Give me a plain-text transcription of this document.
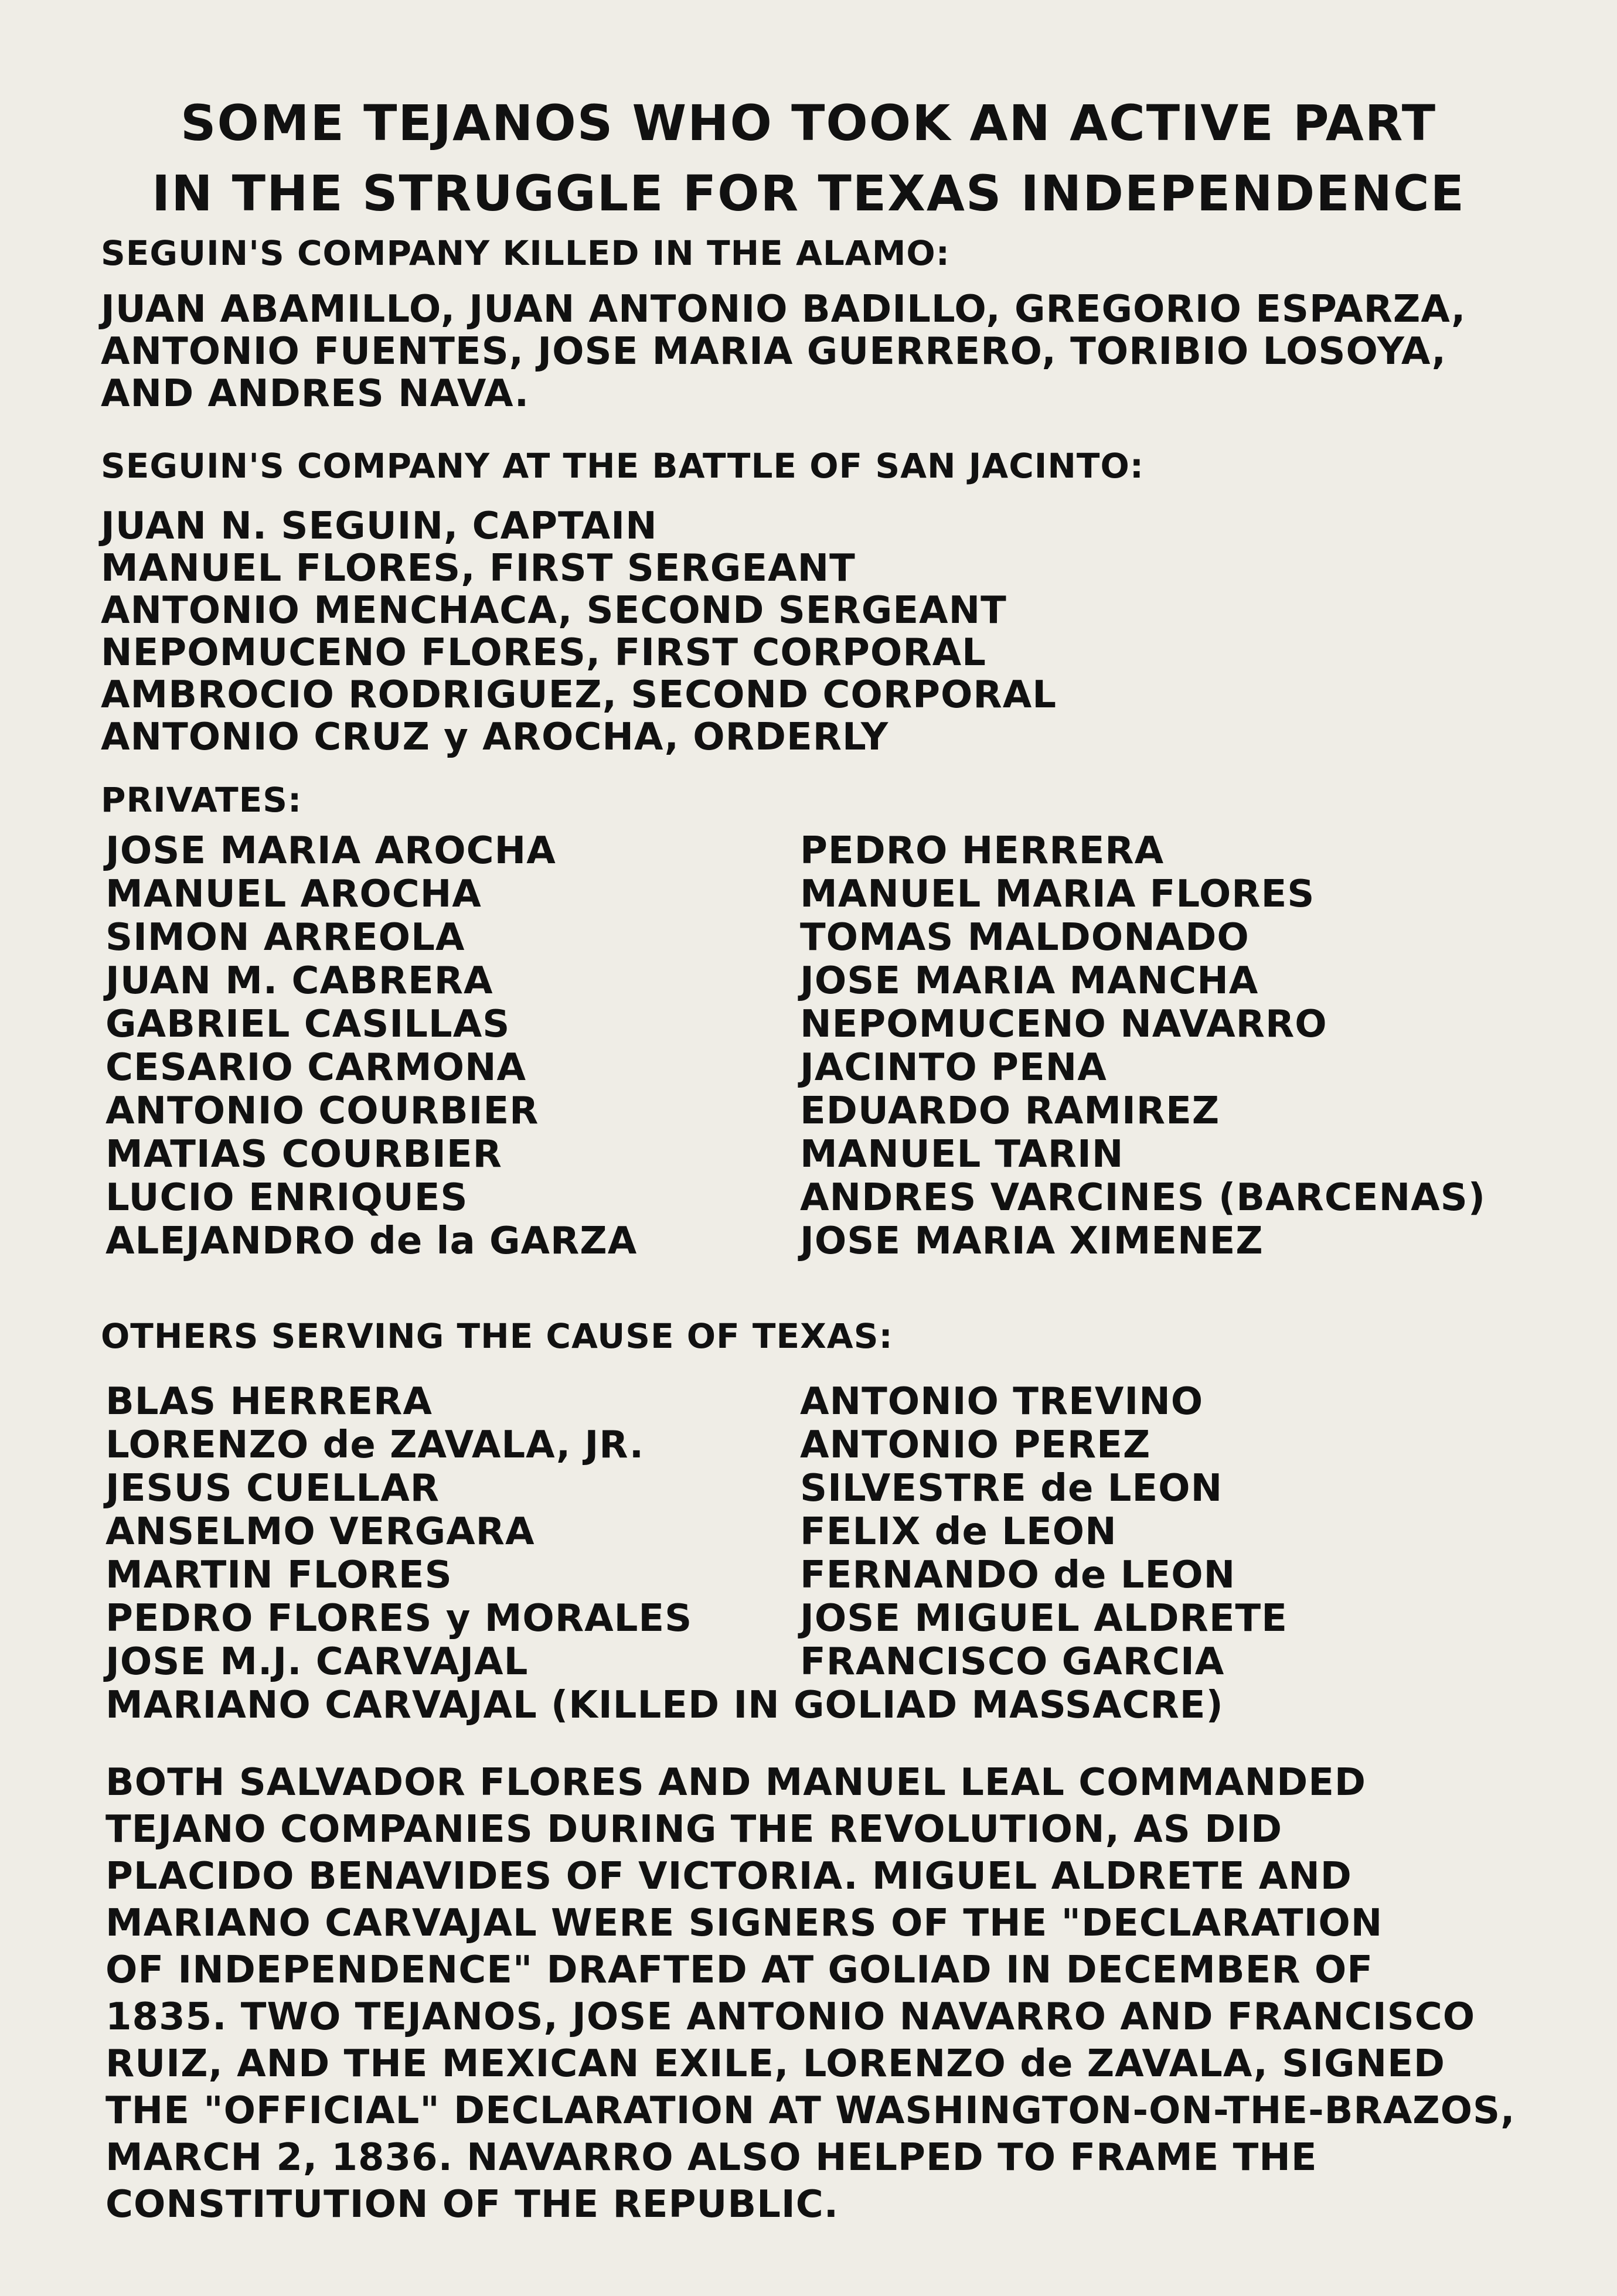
SOME TEJANOS WHO TOOK AN ACTIVE PART
IN THE STRUGGLE FOR TEXAS INDEPENDENCE
SEGUIN'S COMPANY KILLED IN THE ALAMO:
JUAN ABAMILLO, JUAN ANTONIO BADILLO, GREGORIO ESPARZA,
ANTONIO FUENTES, JOSE MARIA GUERRERO, TORIBIO LOSOYA,
AND ANDRES NAVA.
SEGUIN'S COMPANY AT THE BATTLE OF SAN JACINTO:
JUAN N. SEGUIN, CAPTAIN
MANUEL FLORES, FIRST SERGEANT
ANTONIO MENCHACA, SECOND SERGEANT
NEPOMUCENO FLORES, FIRST CORPORAL
AMBROCIO RODRIGUEZ, SECOND CORPORAL
ANTONIO CRUZ y AROCHA, ORDERLY
PRIVATES:
JOSE MARIA AROCHA
MANUEL AROCHA
SIMON ARREOLA
JUAN M. CABRERA
GABRIEL CASILLAS
CESARIO CARMONA
ANTONIO COURBIER
MATIAS COURBIER
LUCIO ENRIQUES
ALEJANDRO de la GARZA
PEDRO HERRERA
MANUEL MARIA FLORES
TOMAS MALDONADO
JOSE MARIA MANCHA
NEPOMUCENO NAVARRO
JACINTO PENA
EDUARDO RAMIREZ
MANUEL TARIN
ANDRES VARCINES (BARCENAS)
JOSE MARIA XIMENEZ
OTHERS SERVING THE CAUSE OF TEXAS:
BLAS HERRERA
LORENZO de ZAVALA, JR.
JESUS CUELLAR
ANSELMO VERGARA
MARTIN FLORES
PEDRO FLORES y MORALES
JOSE M.J. CARVAJAL
MARIANO CARVAJAL (KILLED IN GOLIAD MASSACRE)
ANTONIO TREVINO
ANTONIO PEREZ
SILVESTRE de LEON
FELIX de LEON
FERNANDO de LEON
JOSE MIGUEL ALDRETE
FRANCISCO GARCIA
BOTH SALVADOR FLORES AND MANUEL LEAL COMMANDED
TEJANO COMPANIES DURING THE REVOLUTION, AS DID
PLACIDO BENAVIDES OF VICTORIA. MIGUEL ALDRETE AND
MARIANO CARVAJAL WERE SIGNERS OF THE "DECLARATION
OF INDEPENDENCE" DRAFTED AT GOLIAD IN DECEMBER OF
1835. TWO TEJANOS, JOSE ANTONIO NAVARRO AND FRANCISCO
RUIZ, AND THE MEXICAN EXILE, LORENZO de ZAVALA, SIGNED
THE "OFFICIAL" DECLARATION AT WASHINGTON-ON-THE-BRAZOS,
MARCH 2, 1836. NAVARRO ALSO HELPED TO FRAME THE
CONSTITUTION OF THE REPUBLIC.
